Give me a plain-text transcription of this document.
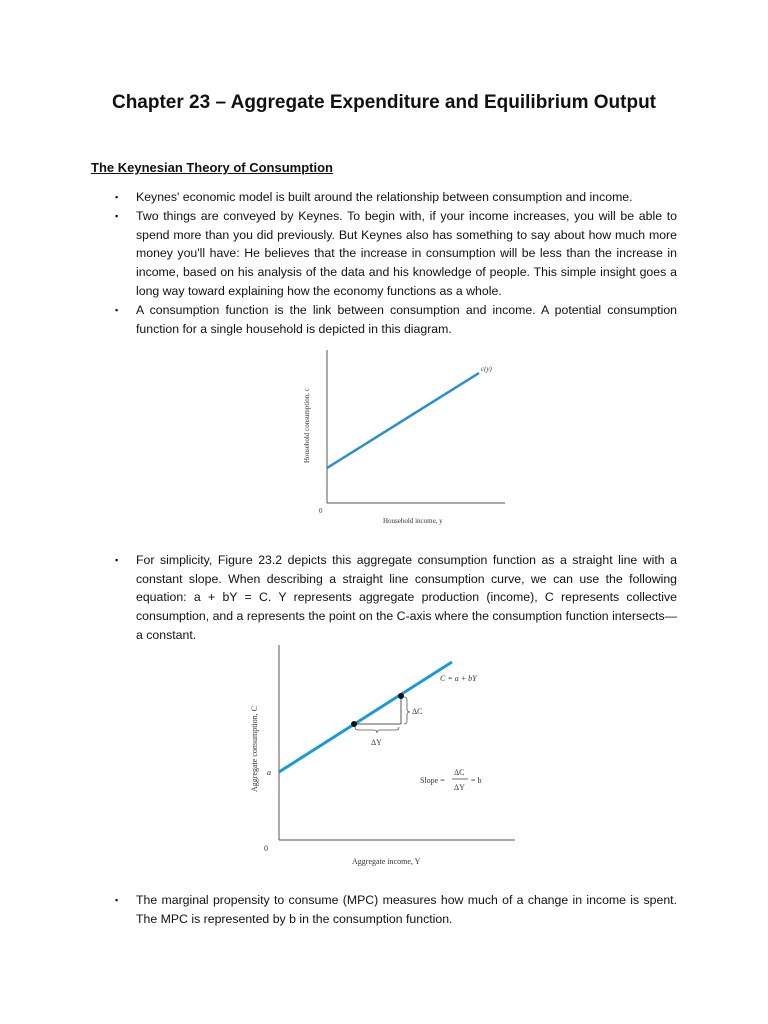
Chapter 23 – Aggregate Expenditure and Equilibrium Output
The Keynesian Theory of Consumption
▪ Keynes' economic model is built around the relationship between consumption and income.
▪ Two things are conveyed by Keynes. To begin with, if your income increases, you will be able to spend more than you did previously. But Keynes also has something to say about how much more money you'll have: He believes that the increase in consumption will be less than the increase in income, based on his analysis of the data and his knowledge of people. This simple insight goes a long way toward explaining how the economy functions as a whole.
▪ A consumption function is the link between consumption and income. A potential consumption function for a single household is depicted in this diagram.
▪ For simplicity, Figure 23.2 depicts this aggregate consumption function as a straight line with a constant slope. When describing a straight line consumption curve, we can use the following equation: a + bY = C. Y represents aggregate production (income), C represents collective consumption, and a represents the point on the C-axis where the consumption function intersects—a constant.
▪ The marginal propensity to consume (MPC) measures how much of a change in income is spent. The MPC is represented by b in the consumption function.
c(y)
0
Household income, y
Household consumption, c
ΔC
ΔY
C = a + bY
a
Slope =
ΔC
ΔY
= b
0
Aggregate income, Y
Aggregate consumption, C
